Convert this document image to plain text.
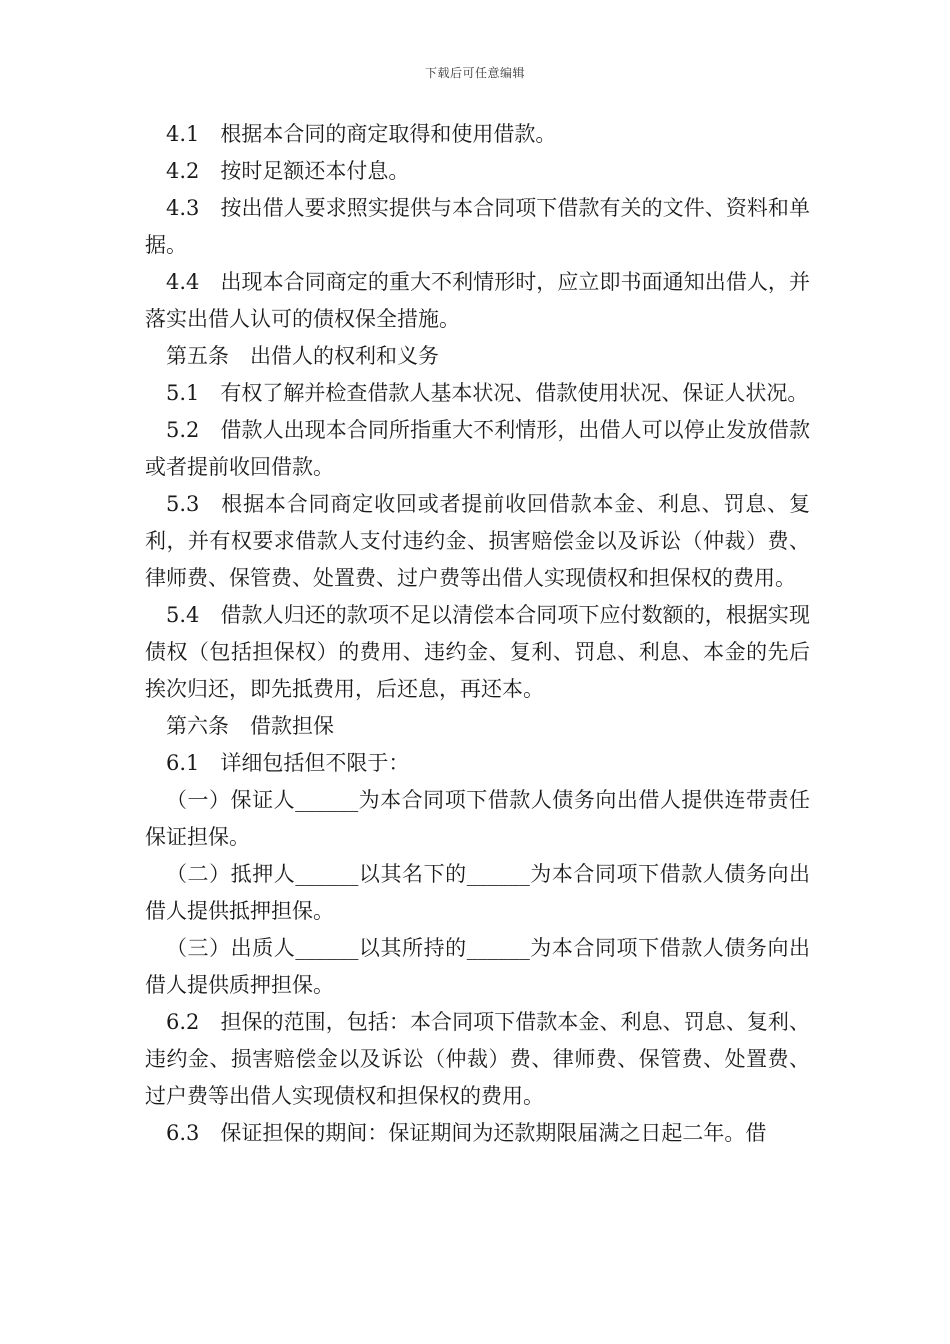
下载后可任意编辑

4.1 根据本合同的商定取得和使用借款。

4.2 按时足额还本付息。

4.3 按出借人要求照实提供与本合同项下借款有关的文件、资料和单据。

4.4 出现本合同商定的重大不利情形时，应立即书面通知出借人，并落实出借人认可的债权保全措施。

第五条 出借人的权利和义务

5.1 有权了解并检查借款人基本状况、借款使用状况、保证人状况。

5.2 借款人出现本合同所指重大不利情形，出借人可以停止发放借款或者提前收回借款。

5.3 根据本合同商定收回或者提前收回借款本金、利息、罚息、复利，并有权要求借款人支付违约金、损害赔偿金以及诉讼（仲裁）费、律师费、保管费、处置费、过户费等出借人实现债权和担保权的费用。

5.4 借款人归还的款项不足以清偿本合同项下应付数额的，根据实现债权（包括担保权）的费用、违约金、复利、罚息、利息、本金的先后挨次归还，即先抵费用，后还息，再还本。

第六条 借款担保

6.1 详细包括但不限于：

（一）保证人______为本合同项下借款人债务向出借人提供连带责任保证担保。

（二）抵押人______以其名下的______为本合同项下借款人债务向出借人提供抵押担保。

（三）出质人______以其所持的______为本合同项下借款人债务向出借人提供质押担保。

6.2 担保的范围，包括：本合同项下借款本金、利息、罚息、复利、违约金、损害赔偿金以及诉讼（仲裁）费、律师费、保管费、处置费、过户费等出借人实现债权和担保权的费用。

6.3 保证担保的期间：保证期间为还款期限届满之日起二年。借
